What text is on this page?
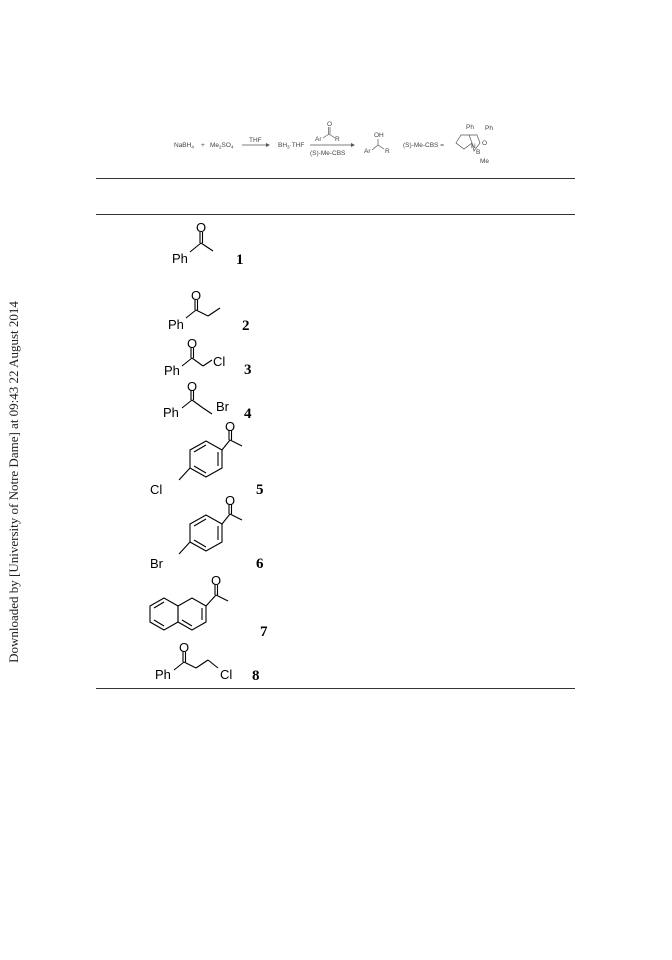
Downloaded by [University of Notre Dame] at 09:43 22 August 2014
NaBH$_4$ + $Me_2SO_4$
THF
$BH_3\cdot THF$
Ar
O
R
(S)-Me-CBS	Ar
OH
R
(S)-Me-CBS =	N O
B
Me
Ph Ph
Ph
O
1
Ph
O
2
Ph
O
Cl
3
Ph
O
Br 4
O
Cl	5
O
Br	6
O
7
Ph
O
Cl 8
